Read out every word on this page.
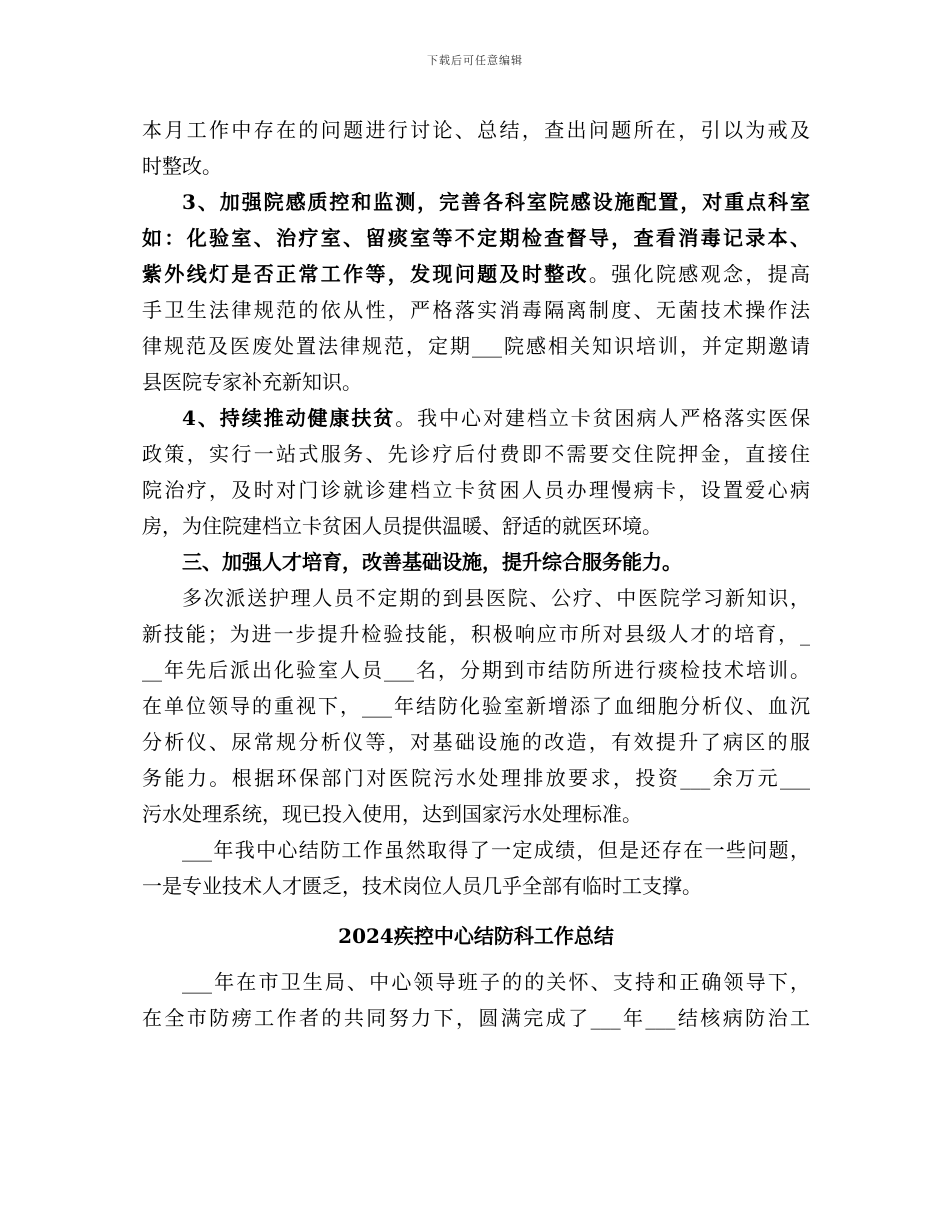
下载后可任意编辑
本月工作中存在的问题进行讨论、总结，查出问题所在，引以为戒及
时整改。
3、加强院感质控和监测，完善各科室院感设施配置，对重点科室
如：化验室、治疗室、留痰室等不定期检查督导，查看消毒记录本、
紫外线灯是否正常工作等，发现问题及时整改。强化院感观念，提高
手卫生法律规范的依从性，严格落实消毒隔离制度、无菌技术操作法
律规范及医废处置法律规范，定期___院感相关知识培训，并定期邀请
县医院专家补充新知识。
4、持续推动健康扶贫。我中心对建档立卡贫困病人严格落实医保
政策，实行一站式服务、先诊疗后付费即不需要交住院押金，直接住
院治疗，及时对门诊就诊建档立卡贫困人员办理慢病卡，设置爱心病
房，为住院建档立卡贫困人员提供温暖、舒适的就医环境。
三、加强人才培育，改善基础设施，提升综合服务能力。
多次派送护理人员不定期的到县医院、公疗、中医院学习新知识，
新技能；为进一步提升检验技能，积极响应市所对县级人才的培育，_
__年先后派出化验室人员___名，分期到市结防所进行痰检技术培训。
在单位领导的重视下，___年结防化验室新增添了血细胞分析仪、血沉
分析仪、尿常规分析仪等，对基础设施的改造，有效提升了病区的服
务能力。根据环保部门对医院污水处理排放要求，投资___余万元___
污水处理系统，现已投入使用，达到国家污水处理标准。
___年我中心结防工作虽然取得了一定成绩，但是还存在一些问题，
一是专业技术人才匮乏，技术岗位人员几乎全部有临时工支撑。
2024疾控中心结防科工作总结
___年在市卫生局、中心领导班子的的关怀、支持和正确领导下，
在全市防痨工作者的共同努力下，圆满完成了___年___结核病防治工
